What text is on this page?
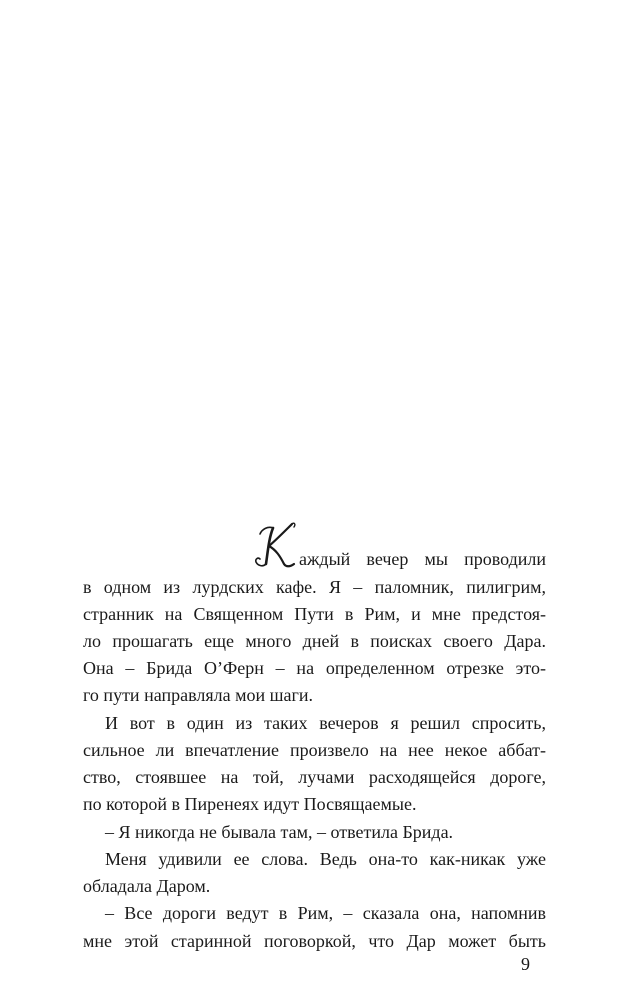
аждый вечер мы проводили
в одном из лурдских кафе. Я – паломник, пилигрим,
странник на Священном Пути в Рим, и мне предстоя-
ло прошагать еще много дней в поисках своего Дара.
Она – Брида О’Ферн – на определенном отрезке это-
го пути направляла мои шаги.
И вот в один из таких вечеров я решил спросить,
сильное ли впечатление произвело на нее некое аббат-
ство, стоявшее на той, лучами расходящейся дороге,
по которой в Пиренеях идут Посвящаемые.
– Я никогда не бывала там, – ответила Брида.
Меня удивили ее слова. Ведь она-то как-никак уже
обладала Даром.
– Все дороги ведут в Рим, – сказала она, напомнив
мне этой старинной поговоркой, что Дар может быть
9
